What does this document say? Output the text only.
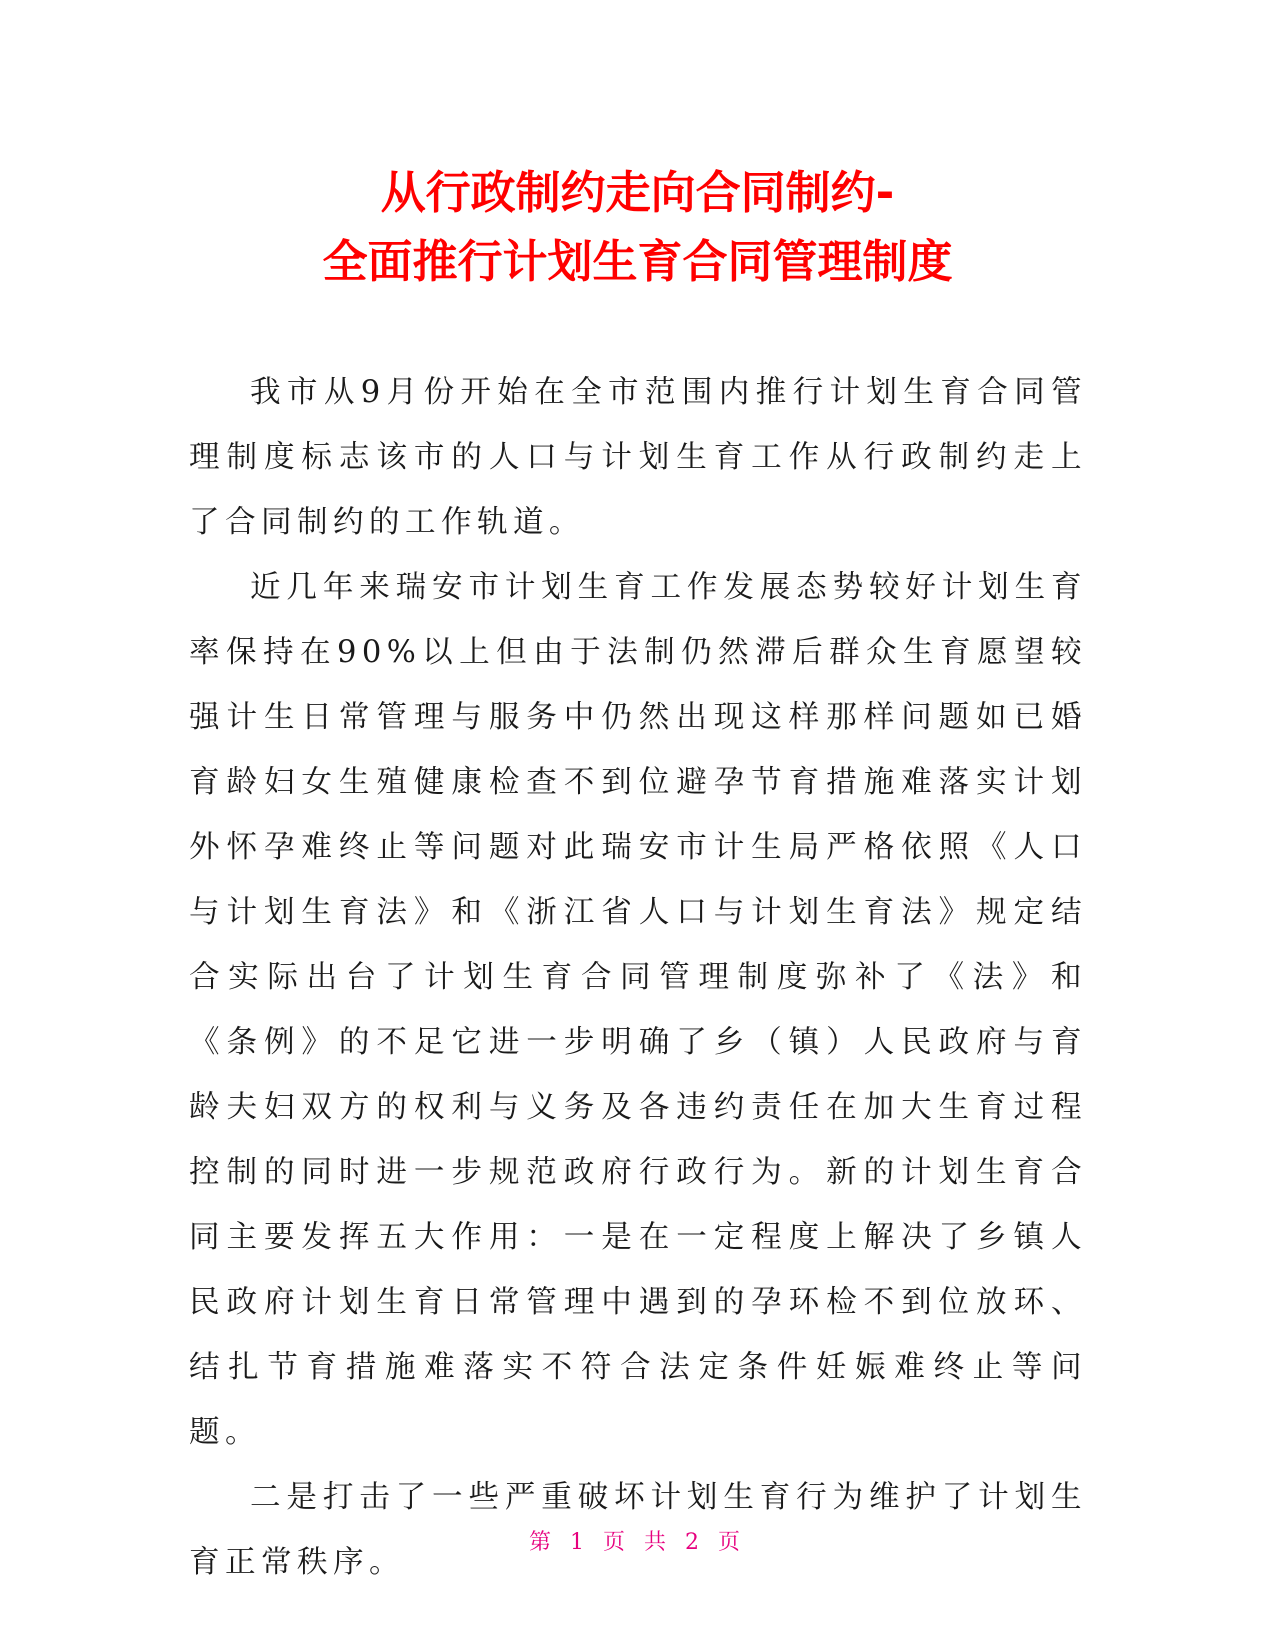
从行政制约走向合同制约-
全面推行计划生育合同管理制度

我市从9月份开始在全市范围内推行计划生育合同管理制度标志该市的人口与计划生育工作从行政制约走上了合同制约的工作轨道。

近几年来瑞安市计划生育工作发展态势较好计划生育率保持在90%以上但由于法制仍然滞后群众生育愿望较强计生日常管理与服务中仍然出现这样那样问题如已婚育龄妇女生殖健康检查不到位避孕节育措施难落实计划外怀孕难终止等问题对此瑞安市计生局严格依照《人口与计划生育法》和《浙江省人口与计划生育法》规定结合实际出台了计划生育合同管理制度弥补了《法》和《条例》的不足它进一步明确了乡（镇）人民政府与育龄夫妇双方的权利与义务及各违约责任在加大生育过程控制的同时进一步规范政府行政行为。新的计划生育合同主要发挥五大作用：一是在一定程度上解决了乡镇人民政府计划生育日常管理中遇到的孕环检不到位放环、结扎节育措施难落实不符合法定条件妊娠难终止等问题。

二是打击了一些严重破坏计划生育行为维护了计划生育正常秩序。

第 1 页 共 2 页
